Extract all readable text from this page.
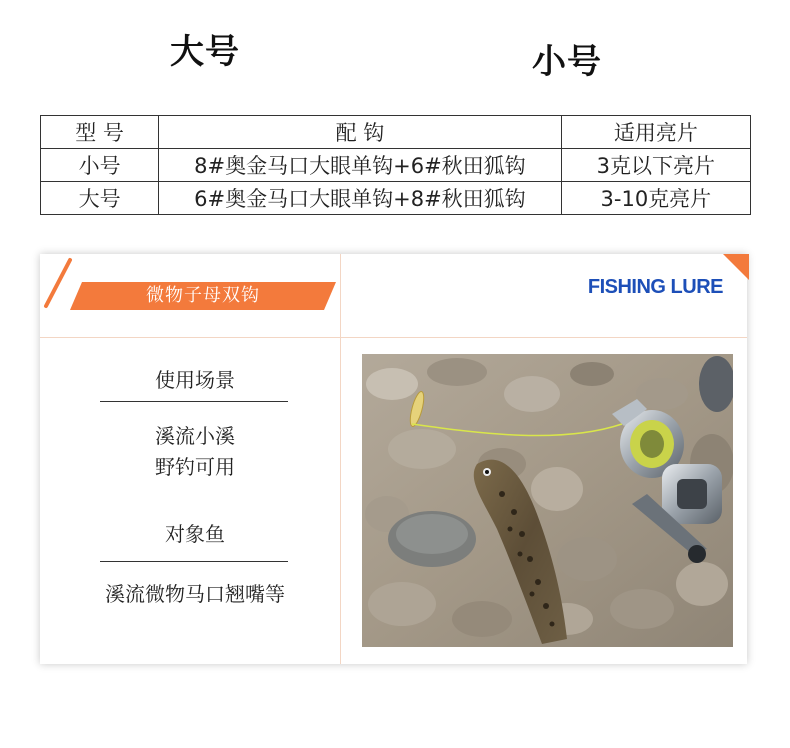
大号	小号
型 号	配 钩	适用亮片
小号	8#奥金马口大眼单钩+6#秋田狐钩	3克以下亮片
大号	6#奥金马口大眼单钩+8#秋田狐钩	3-10克亮片
微物子母双钩	FISHING LURE
使用场景
溪流小溪
野钓可用
对象鱼
溪流微物马口翘嘴等
